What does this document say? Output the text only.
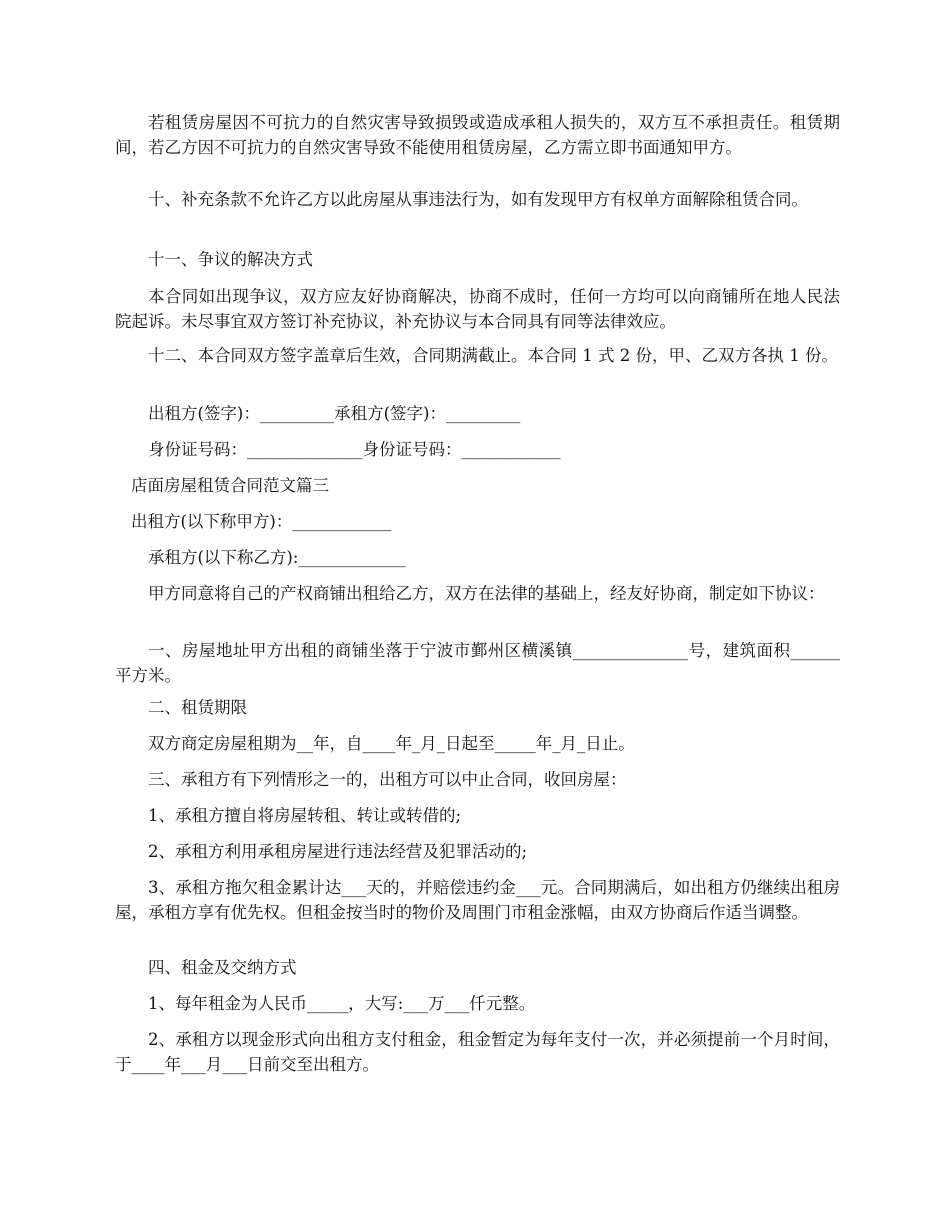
若租赁房屋因不可抗力的自然灾害导致损毁或造成承租人损失的，双方互不承担责任。租赁期间，若乙方因不可抗力的自然灾害导致不能使用租赁房屋，乙方需立即书面通知甲方。

十、补充条款不允许乙方以此房屋从事违法行为，如有发现甲方有权单方面解除租赁合同。

十一、争议的解决方式

本合同如出现争议，双方应友好协商解决，协商不成时，任何一方均可以向商铺所在地人民法院起诉。未尽事宜双方签订补充协议，补充协议与本合同具有同等法律效应。

十二、本合同双方签字盖章后生效，合同期满截止。本合同 1 式 2 份，甲、乙双方各执 1 份。

出租方(签字)：_________承租方(签字)：_________

身份证号码：______________身份证号码：____________

店面房屋租赁合同范文篇三

出租方(以下称甲方)：____________

承租方(以下称乙方):_____________

甲方同意将自己的产权商铺出租给乙方，双方在法律的基础上，经友好协商，制定如下协议：

一、房屋地址甲方出租的商铺坐落于宁波市鄞州区横溪镇______________号，建筑面积______平方米。

二、租赁期限

双方商定房屋租期为__年，自____年_月_日起至_____年_月_日止。

三、承租方有下列情形之一的，出租方可以中止合同，收回房屋：

1、承租方擅自将房屋转租、转让或转借的;

2、承租方利用承租房屋进行违法经营及犯罪活动的;

3、承租方拖欠租金累计达___天的，并赔偿违约金___元。合同期满后，如出租方仍继续出租房屋，承租方享有优先权。但租金按当时的物价及周围门市租金涨幅，由双方协商后作适当调整。

四、租金及交纳方式

1、每年租金为人民币_____，大写:___万___仟元整。

2、承租方以现金形式向出租方支付租金，租金暂定为每年支付一次，并必须提前一个月时间，于____年___月___日前交至出租方。
